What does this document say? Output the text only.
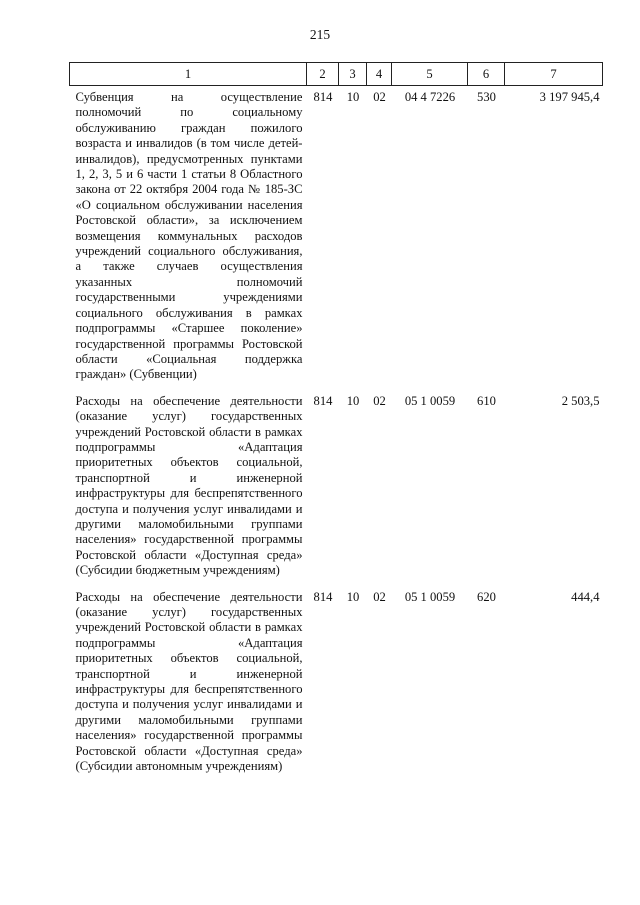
215
1	2	3	4	5	6	7
Субвенция на осуществление полномочий по социальному обслуживанию граждан пожилого возраста и инвалидов (в том числе детей-инвалидов), предусмотренных пунктами 1, 2, 3, 5 и 6 части 1 статьи 8 Областного закона от 22 октября 2004 года № 185-ЗС «О социальном обслуживании населения Ростовской области», за исключением возмещения коммунальных расходов учреждений социального обслуживания, а также случаев осуществления указанных полномочий государственными учреждениями социального обслуживания в рамках подпрограммы «Старшее поколение» государственной программы Ростовской области «Социальная поддержка граждан» (Субвенции)	814	10	02	04 4 7226	530	3 197 945,4
Расходы на обеспечение деятельности (оказание услуг) государственных учреждений Ростовской области в рамках подпрограммы «Адаптация приоритетных объектов социальной, транспортной и инженерной инфраструктуры для беспрепятственного доступа и получения услуг инвалидами и другими маломобильными группами населения» государственной программы Ростовской области «Доступная среда» (Субсидии бюджетным учреждениям)	814	10	02	05 1 0059	610	2 503,5
Расходы на обеспечение деятельности (оказание услуг) государственных учреждений Ростовской области в рамках подпрограммы «Адаптация приоритетных объектов социальной, транспортной и инженерной инфраструктуры для беспрепятственного доступа и получения услуг инвалидами и другими маломобильными группами населения» государственной программы Ростовской области «Доступная среда» (Субсидии автономным учреждениям)	814	10	02	05 1 0059	620	444,4
